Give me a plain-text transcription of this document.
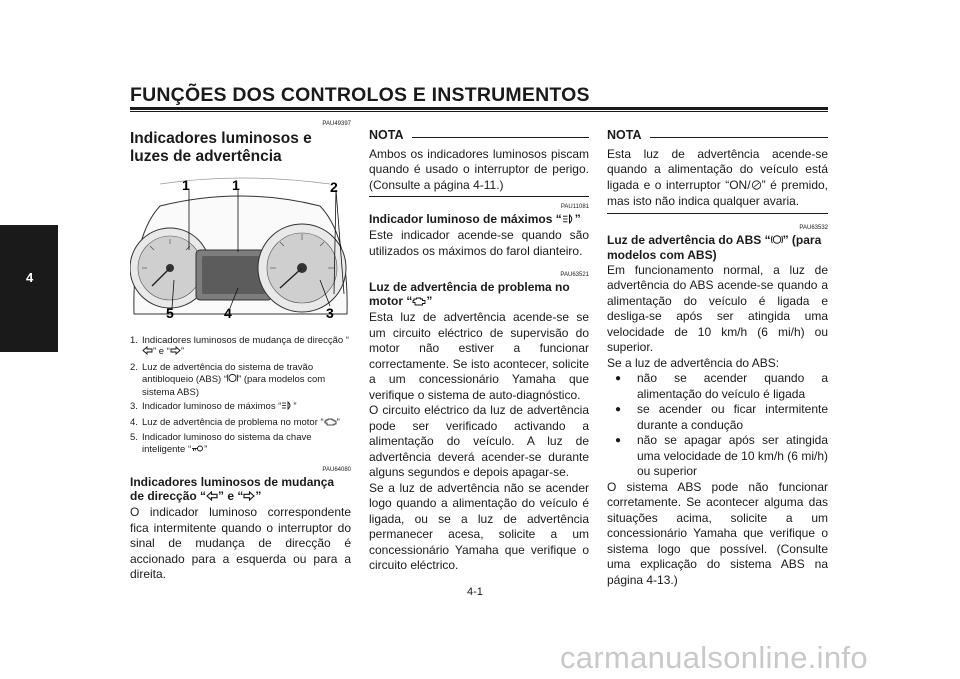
FUNÇÕES DOS CONTROLOS E INSTRUMENTOS
4
PAU49397
Indicadores luminosos e luzes de advertência
1	1	2
3
4
5
1. Indicadores luminosos de mudança de direcção “” e “ ”
2. Luz de advertência do sistema de travão antibloqueio (ABS) “ ” (para modelos com sistema ABS)
3. Indicador luminoso de máximos “ ”
4. Luz de advertência de problema no motor “ ”
5. Indicador luminoso do sistema da chave inteligente “ ”
PAU64080
Indicadores luminosos de mudança de direcção “ ” e “ ”

O indicador luminoso correspondente fica intermitente quando o interruptor do sinal de mudança de direcção é accionado para a esquerda ou para a direita.

NOTA

Ambos os indicadores luminosos piscam quando é usado o interruptor de perigo. (Consulte a página 4-11.)

PAU11081
Indicador luminoso de máximos “ ”

Este indicador acende-se quando são utilizados os máximos do farol dianteiro.

PAU63521
Luz de advertência de problema no motor “ ”

Esta luz de advertência acende-se se um circuito eléctrico de supervisão do motor não estiver a funcionar correctamente. Se isto acontecer, solicite a um concessionário Yamaha que verifique o sistema de auto-diagnóstico.

O circuito eléctrico da luz de advertência pode ser verificado activando a alimentação do veículo. A luz de advertência deverá acender-se durante alguns segundos e depois apagar-se.

Se a luz de advertência não se acender logo quando a alimentação do veículo é ligada, ou se a luz de advertência permanecer acesa, solicite a um concessionário Yamaha que verifique o circuito eléctrico.

NOTA

Esta luz de advertência acende-se quando a alimentação do veículo está ligada e o interruptor “ON/ ” é premido, mas isto não indica qualquer avaria.

PAU63532
Luz de advertência do ABS “ ” (para modelos com ABS)

Em funcionamento normal, a luz de advertência do ABS acende-se quando a alimentação do veículo é ligada e desliga-se após ser atingida uma velocidade de 10 km/h (6 mi/h) ou superior.

Se a luz de advertência do ABS:

●	não se acender quando a alimentação do veículo é ligada
●	se acender ou ficar intermitente durante a condução
●	não se apagar após ser atingida uma velocidade de 10 km/h (6 mi/h) ou superior

O sistema ABS pode não funcionar corretamente. Se acontecer alguma das situações acima, solicite a um concessionário Yamaha que verifique o sistema logo que possível. (Consulte uma explicação do sistema ABS na página 4-13.)

4-1
carmanualsonline.info
